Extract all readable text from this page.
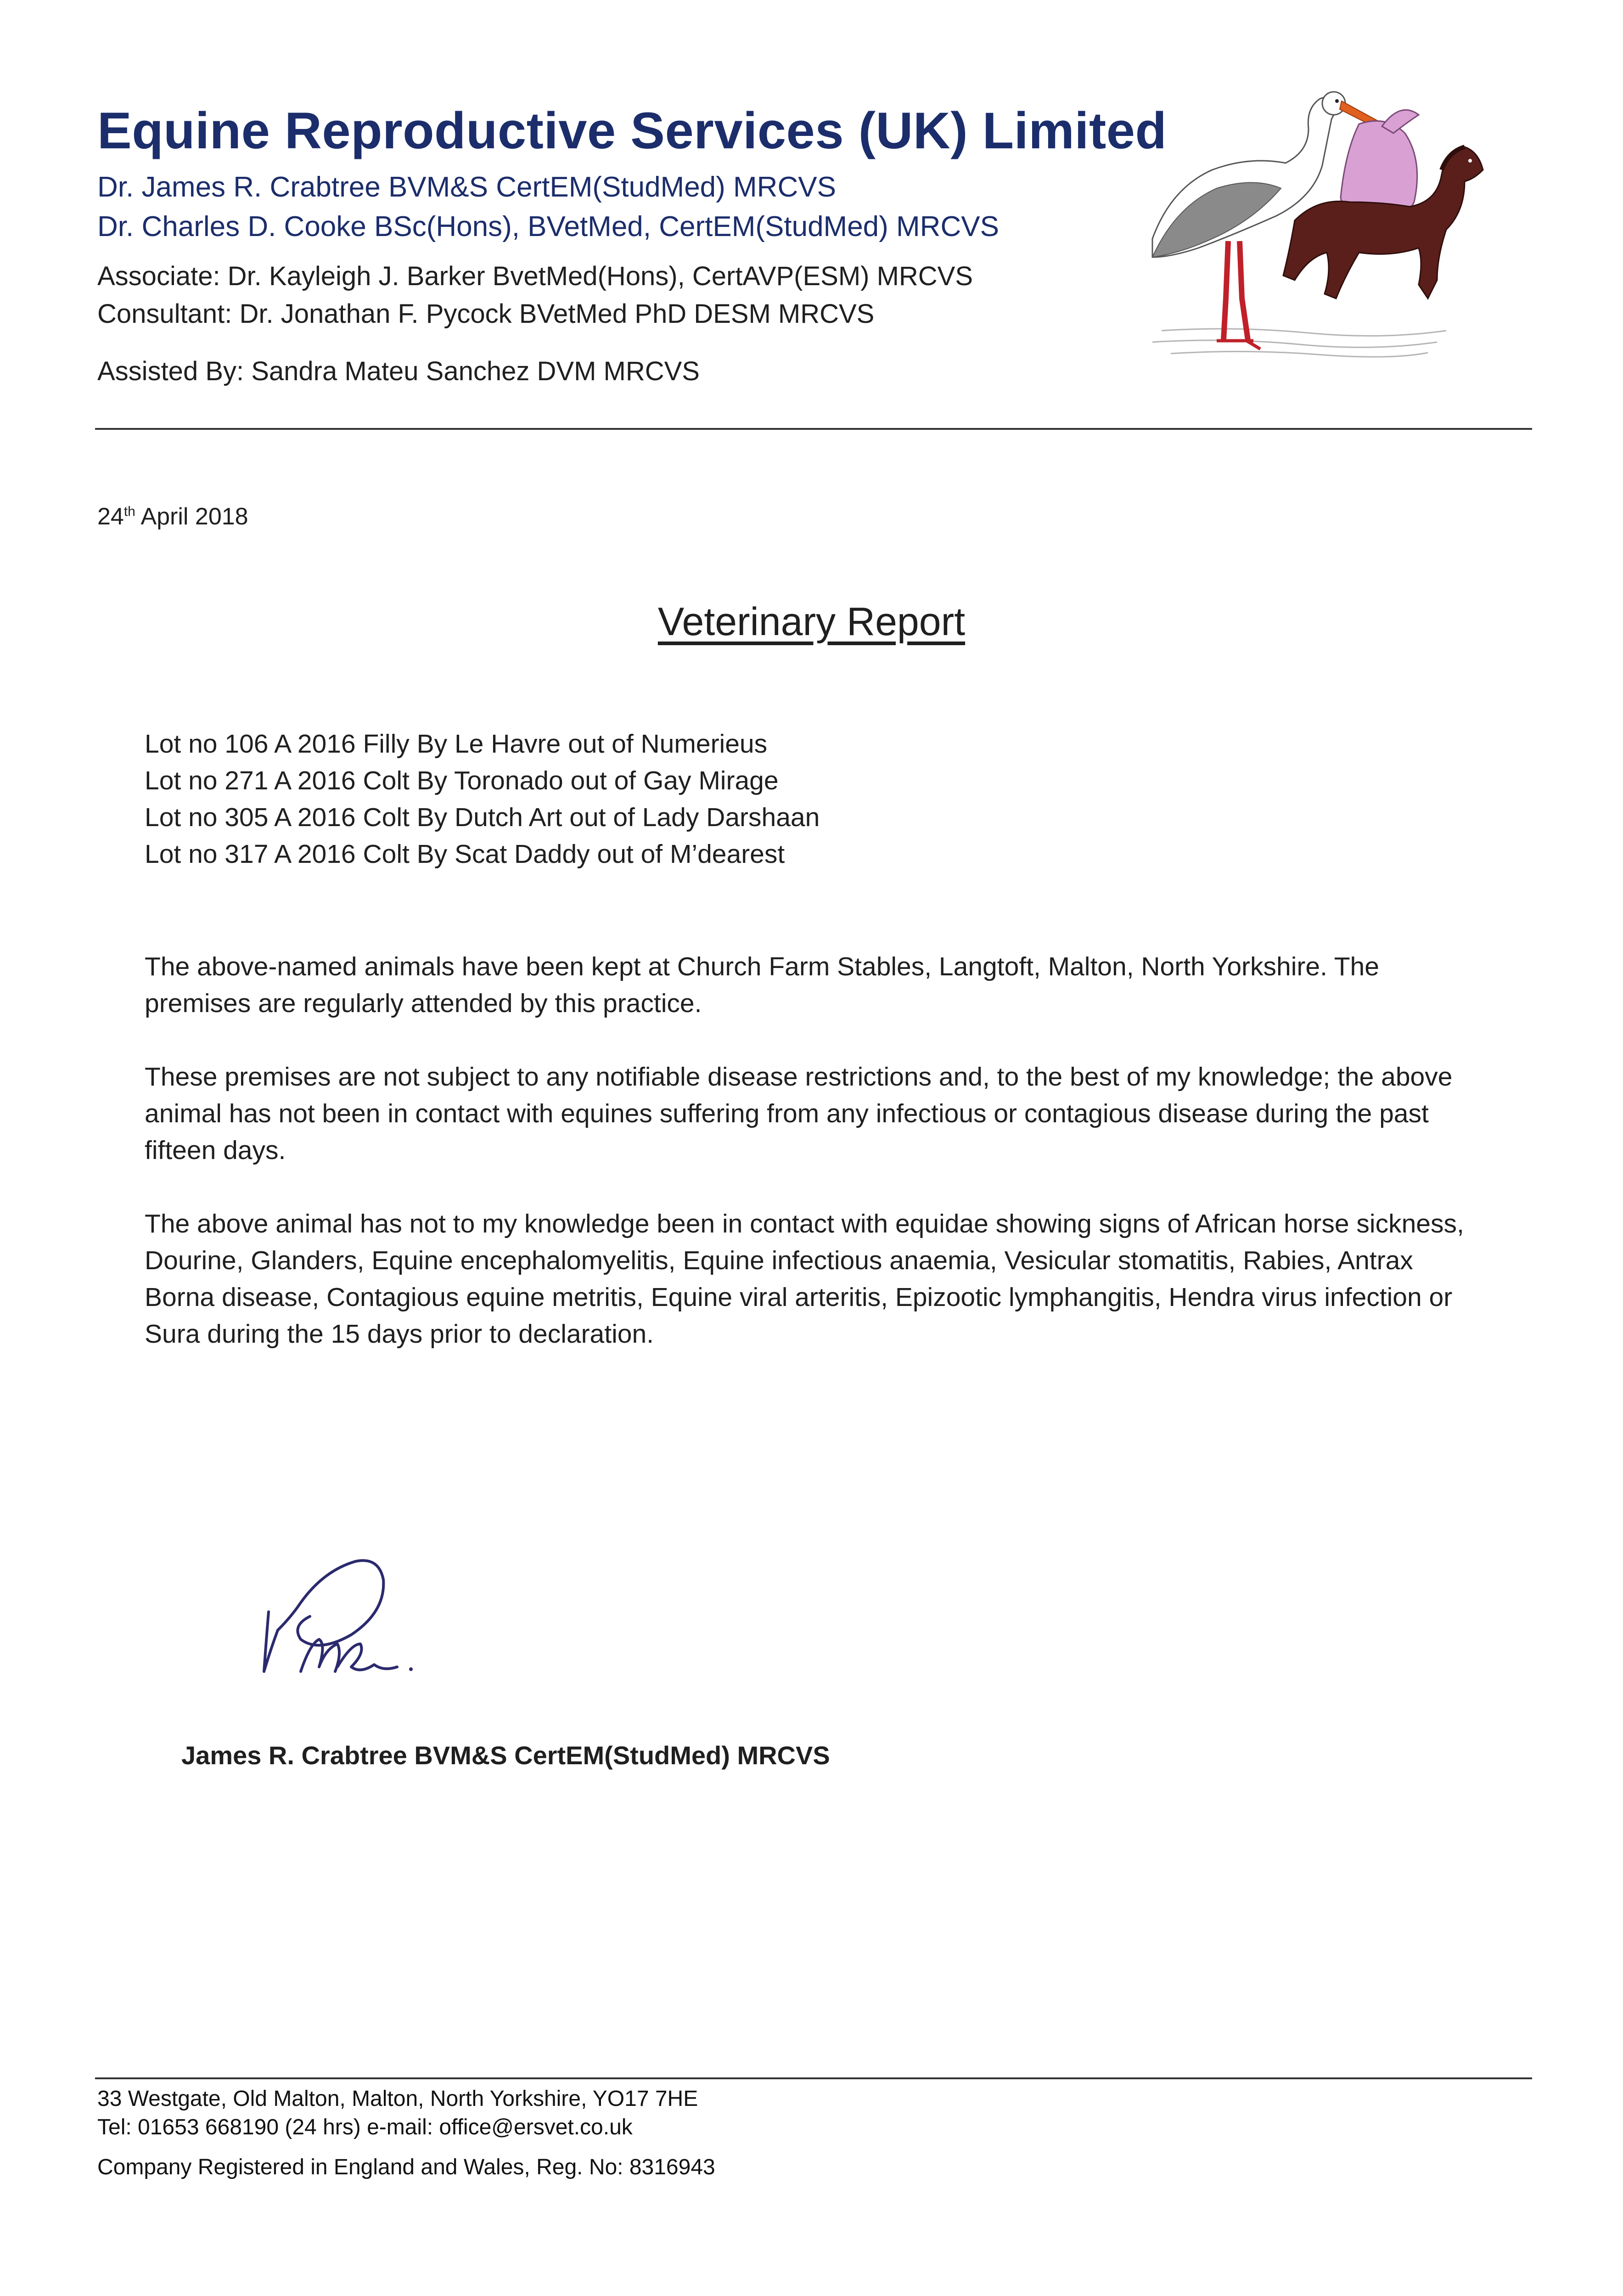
Equine Reproductive Services (UK) Limited
Dr. James R. Crabtree BVM&S CertEM(StudMed) MRCVS
Dr. Charles D. Cooke BSc(Hons), BVetMed, CertEM(StudMed) MRCVS
Associate: Dr. Kayleigh J. Barker BvetMed(Hons), CertAVP(ESM) MRCVS
Consultant: Dr. Jonathan F. Pycock BVetMed PhD DESM MRCVS
Assisted By: Sandra Mateu Sanchez DVM MRCVS
24th April 2018
Veterinary Report
Lot no 106 A 2016 Filly By Le Havre out of Numerieus
Lot no 271 A 2016 Colt By Toronado out of Gay Mirage
Lot no 305 A 2016 Colt By Dutch Art out of Lady Darshaan
Lot no 317 A 2016 Colt By Scat Daddy out of M’dearest

The above-named animals have been kept at Church Farm Stables, Langtoft, Malton, North Yorkshire. The premises are regularly attended by this practice.

These premises are not subject to any notifiable disease restrictions and, to the best of my knowledge; the above animal has not been in contact with equines suffering from any infectious or contagious disease during the past fifteen days.

The above animal has not to my knowledge been in contact with equidae showing signs of African horse sickness, Dourine, Glanders, Equine encephalomyelitis, Equine infectious anaemia, Vesicular stomatitis, Rabies, Antrax Borna disease, Contagious equine metritis, Equine viral arteritis, Epizootic lymphangitis, Hendra virus infection or Sura during the 15 days prior to declaration.

James R. Crabtree BVM&S CertEM(StudMed) MRCVS
33 Westgate, Old Malton, Malton, North Yorkshire, YO17 7HE
Tel: 01653 668190 (24 hrs) e-mail: office@ersvet.co.uk
Company Registered in England and Wales, Reg. No: 8316943
